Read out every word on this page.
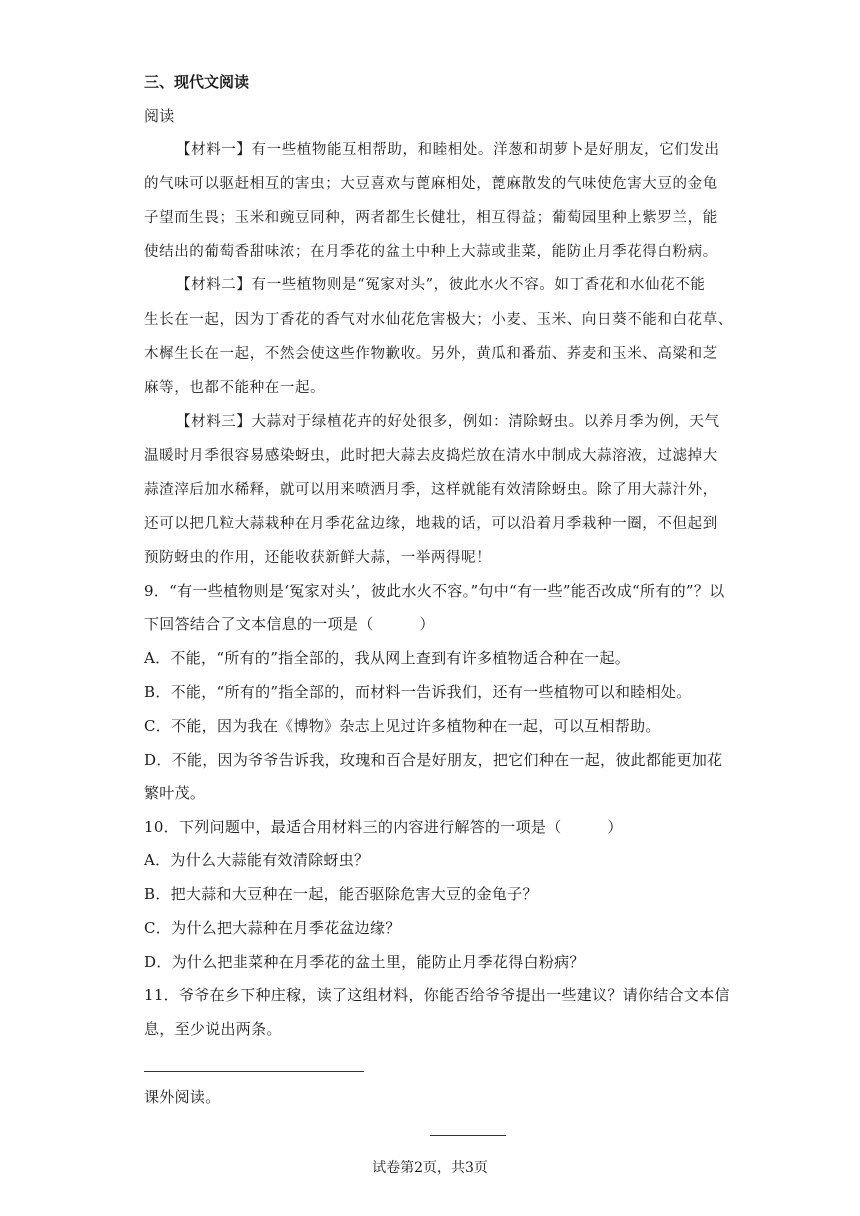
三、现代文阅读
阅读
【材料一】有一些植物能互相帮助，和睦相处。洋葱和胡萝卜是好朋友，它们发出
的气味可以驱赶相互的害虫；大豆喜欢与蓖麻相处，蓖麻散发的气味使危害大豆的金龟
子望而生畏；玉米和豌豆同种，两者都生长健壮，相互得益；葡萄园里种上紫罗兰，能
使结出的葡萄香甜味浓；在月季花的盆土中种上大蒜或韭菜，能防止月季花得白粉病。
【材料二】有一些植物则是“冤家对头”，彼此水火不容。如丁香花和水仙花不能
生长在一起，因为丁香花的香气对水仙花危害极大；小麦、玉米、向日葵不能和白花草、
木樨生长在一起，不然会使这些作物歉收。另外，黄瓜和番茄、荞麦和玉米、高粱和芝
麻等，也都不能种在一起。
【材料三】大蒜对于绿植花卉的好处很多，例如：清除蚜虫。以养月季为例，天气
温暖时月季很容易感染蚜虫，此时把大蒜去皮捣烂放在清水中制成大蒜溶液，过滤掉大
蒜渣滓后加水稀释，就可以用来喷洒月季，这样就能有效清除蚜虫。除了用大蒜汁外，
还可以把几粒大蒜栽种在月季花盆边缘，地栽的话，可以沿着月季栽种一圈，不但起到
预防蚜虫的作用，还能收获新鲜大蒜，一举两得呢！
9．“有一些植物则是‘冤家对头’，彼此水火不容。”句中“有一些”能否改成“所有的”？以
下回答结合了文本信息的一项是（　　　）
A．不能，“所有的”指全部的，我从网上查到有许多植物适合种在一起。
B．不能，“所有的”指全部的，而材料一告诉我们，还有一些植物可以和睦相处。
C．不能，因为我在《博物》杂志上见过许多植物种在一起，可以互相帮助。
D．不能，因为爷爷告诉我，玫瑰和百合是好朋友，把它们种在一起，彼此都能更加花
繁叶茂。
10．下列问题中，最适合用材料三的内容进行解答的一项是（　　　）
A．为什么大蒜能有效清除蚜虫？
B．把大蒜和大豆种在一起，能否驱除危害大豆的金龟子？
C．为什么把大蒜种在月季花盆边缘？
D．为什么把韭菜种在月季花的盆土里，能防止月季花得白粉病？
11．爷爷在乡下种庄稼，读了这组材料，你能否给爷爷提出一些建议？请你结合文本信
息，至少说出两条。
课外阅读。
试卷第2页，共3页
